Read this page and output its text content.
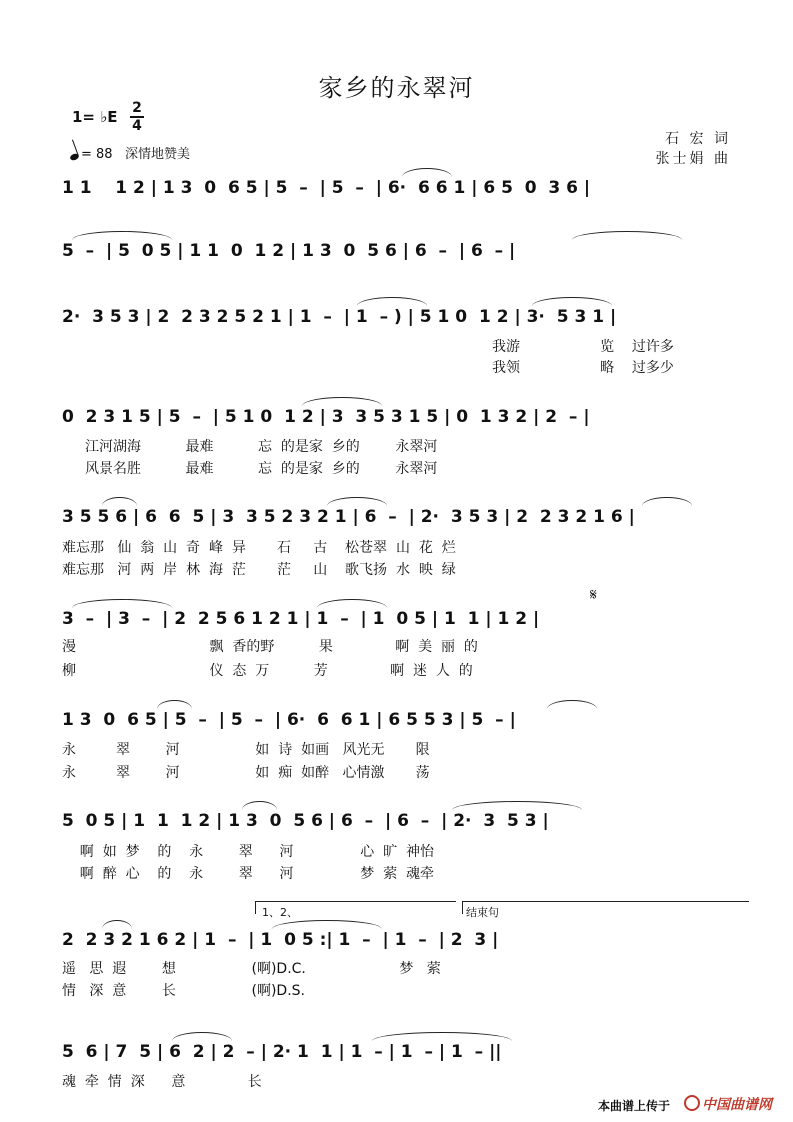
家乡的永翠河
1= ♭E 2
4
= 88 深情地赞美
石 宏 词
张士娟 曲
1 1    1 2 | 1 3  0  6 5 | 5  –  | 5  –  | 6·  6 6 1 | 6 5  0  3 6 |
5  –  | 5  0 5 | 1 1  0  1 2 | 1 3  0  5 6 | 6  –  | 6  – |
2·  3 5 3 | 2  2 3 2 5 2 1 | 1  –  | 1  – ) | 5 1 0  1 2 | 3·  5 3 1 |

我游                  览    过许多

我领                  略    过多少

0  2 3 1 5 | 5  –  | 5 1 0  1 2 | 3  3 5 3 1 5 | 0  1 3 2 | 2  – |

江河湖海          最难          忘  的是家  乡的        永翠河

风景名胜          最难          忘  的是家  乡的        永翠河

3 5 5 6 | 6  6  5 | 3  3 5 2 3 2 1 | 6  –  | 2·  3 5 3 | 2  2 3 2 1 6 |

难忘那   仙  翁  山  奇  峰  异       石     古    松苍翠  山  花  烂

难忘那   河  两  岸  林  海  茫       茫     山    歌飞扬  水  映  绿

𝄋
3  –  | 3  –  | 2  2 5 6 1 2 1 | 1  –  | 1  0 5 | 1  1 | 1 2 |

漫                              飘  香的野          果              啊  美  丽  的

柳                              仪  态  万          芳              啊  迷  人  的

1 3  0  6 5 | 5  –  | 5  –  | 6·  6  6 1 | 6 5 5 3 | 5  – |

永         翠        河                 如  诗  如画   风光无       限

永         翠        河                 如  痴  如醉   心情激       荡

5  0 5 | 1  1  1 2 | 1 3  0  5 6 | 6  –  | 6  –  | 2·  3  5 3 |

啊  如  梦    的    永        翠      河               心  旷  神怡

啊  醉  心    的    永        翠      河               梦  萦  魂牵

1、2、	结束句
2  2 3 2 1 6 2 | 1  –  | 1  0 5 :| 1  –  | 1  –  | 2  3 |

遥   思  遐        想                 (啊)D.C.                     梦   萦

情   深  意        长                 (啊)D.S.

5  6 | 7  5 | 6  2 | 2  – | 2· 1  1 | 1  – | 1  – | 1  – ||

魂  牵  情  深      意              长

本曲谱上传于	中国曲谱网
